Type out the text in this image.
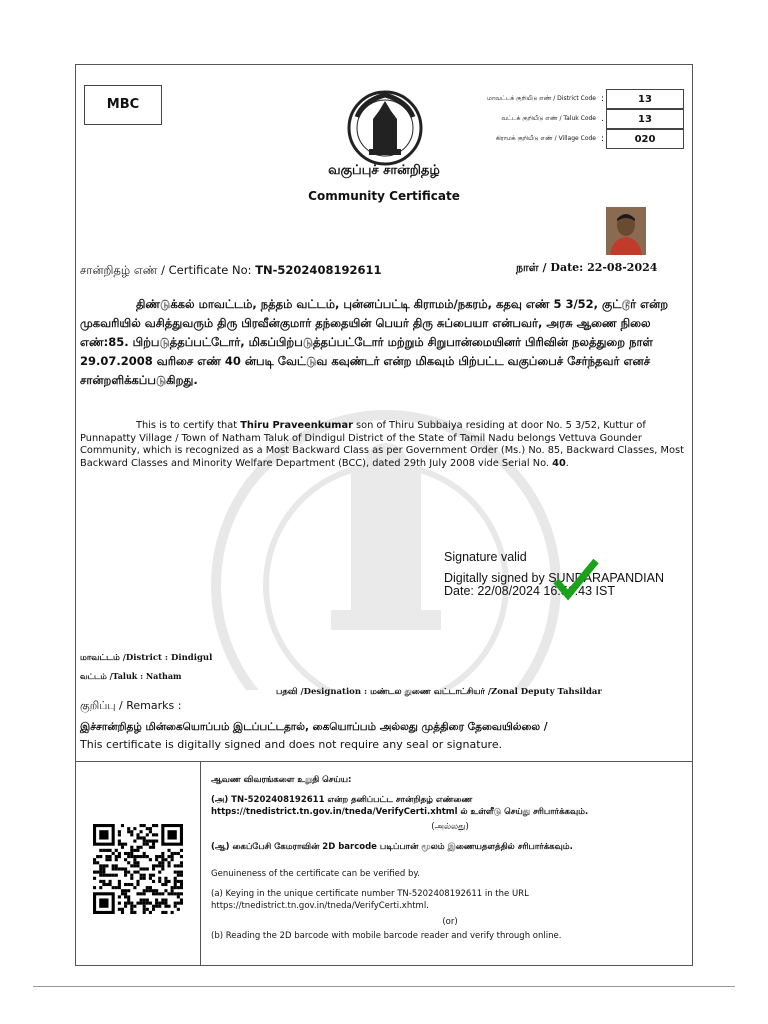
MBC	மாவட்டக் குறியீடு எண் / District Code :	13
வட்டக் குறியீடு எண் / Taluk Code .	13
கிராமக் குறியீடு எண் / Village Code :	020
வகுப்புச் சான்றிதழ்
Community Certificate
சான்றிதழ் எண் / Certificate No: TN-5202408192611	நாள் / Date: 22-08-2024

திண்டுக்கல் மாவட்டம், நத்தம் வட்டம், புன்னப்பட்டி கிராமம்/நகரம், கதவு எண் 5 3/52, குட்டூர் என்ற முகவரியில் வசித்துவரும் திரு பிரவீன்குமார் தந்தையின் பெயர் திரு சுப்பையா என்பவர், அரசு ஆணை நிலை எண்:85. பிற்படுத்தப்பட்டோர், மிகப்பிற்படுத்தப்பட்டோர் மற்றும் சிறுபான்மையினர் பிரிவின் நலத்துறை நாள் 29.07.2008 வரிசை எண் 40 ன்படி வேட்டுவ கவுண்டர் என்ற மிகவும் பிற்பட்ட வகுப்பைச் சேர்ந்தவர் எனச் சான்றளிக்கப்படுகிறது.

This is to certify that Thiru Praveenkumar son of Thiru Subbaiya residing at door No. 5 3/52, Kuttur of Punnapatty Village / Town of Natham Taluk of Dindigul District of the State of Tamil Nadu belongs Vettuva Gounder Community, which is recognized as a Most Backward Class as per Government Order (Ms.) No. 85, Backward Classes, Most Backward Classes and Minority Welfare Department (BCC), dated 29th July 2008 vide Serial No. 40.

Signature valid
Digitally signed by SUNDARAPANDIAN
Date: 22/08/2024 16:56:43 IST
மாவட்டம் /District : Dindigul
வட்டம் /Taluk : Natham
பதவி /Designation : மண்டல துணை வட்டாட்சியர் /Zonal Deputy Tahsildar
குறிப்பு / Remarks :
இச்சான்றிதழ் மின்கையொப்பம் இடப்பட்டதால், கையொப்பம் அல்லது முத்திரை தேவையில்லை /
This certificate is digitally signed and does not require any seal or signature.
ஆவண விவரங்களை உறுதி செய்ய:
(அ) TN-5202408192611 என்ற தனிப்பட்ட சான்றிதழ் எண்ணை https://tnedistrict.tn.gov.in/tneda/VerifyCerti.xhtml ல் உள்ளீடு செய்து சரிபார்க்கவும்.
(அல்லது)
(ஆ) கைப்பேசி கேமராவின் 2D barcode படிப்பான் மூலம் இணையதளத்தில் சரிபார்க்கவும்.
Genuineness of the certificate can be verified by.
(a) Keying in the unique certificate number TN-5202408192611 in the URL https://tnedistrict.tn.gov.in/tneda/VerifyCerti.xhtml.
(or)
(b) Reading the 2D barcode with mobile barcode reader and verify through online.
